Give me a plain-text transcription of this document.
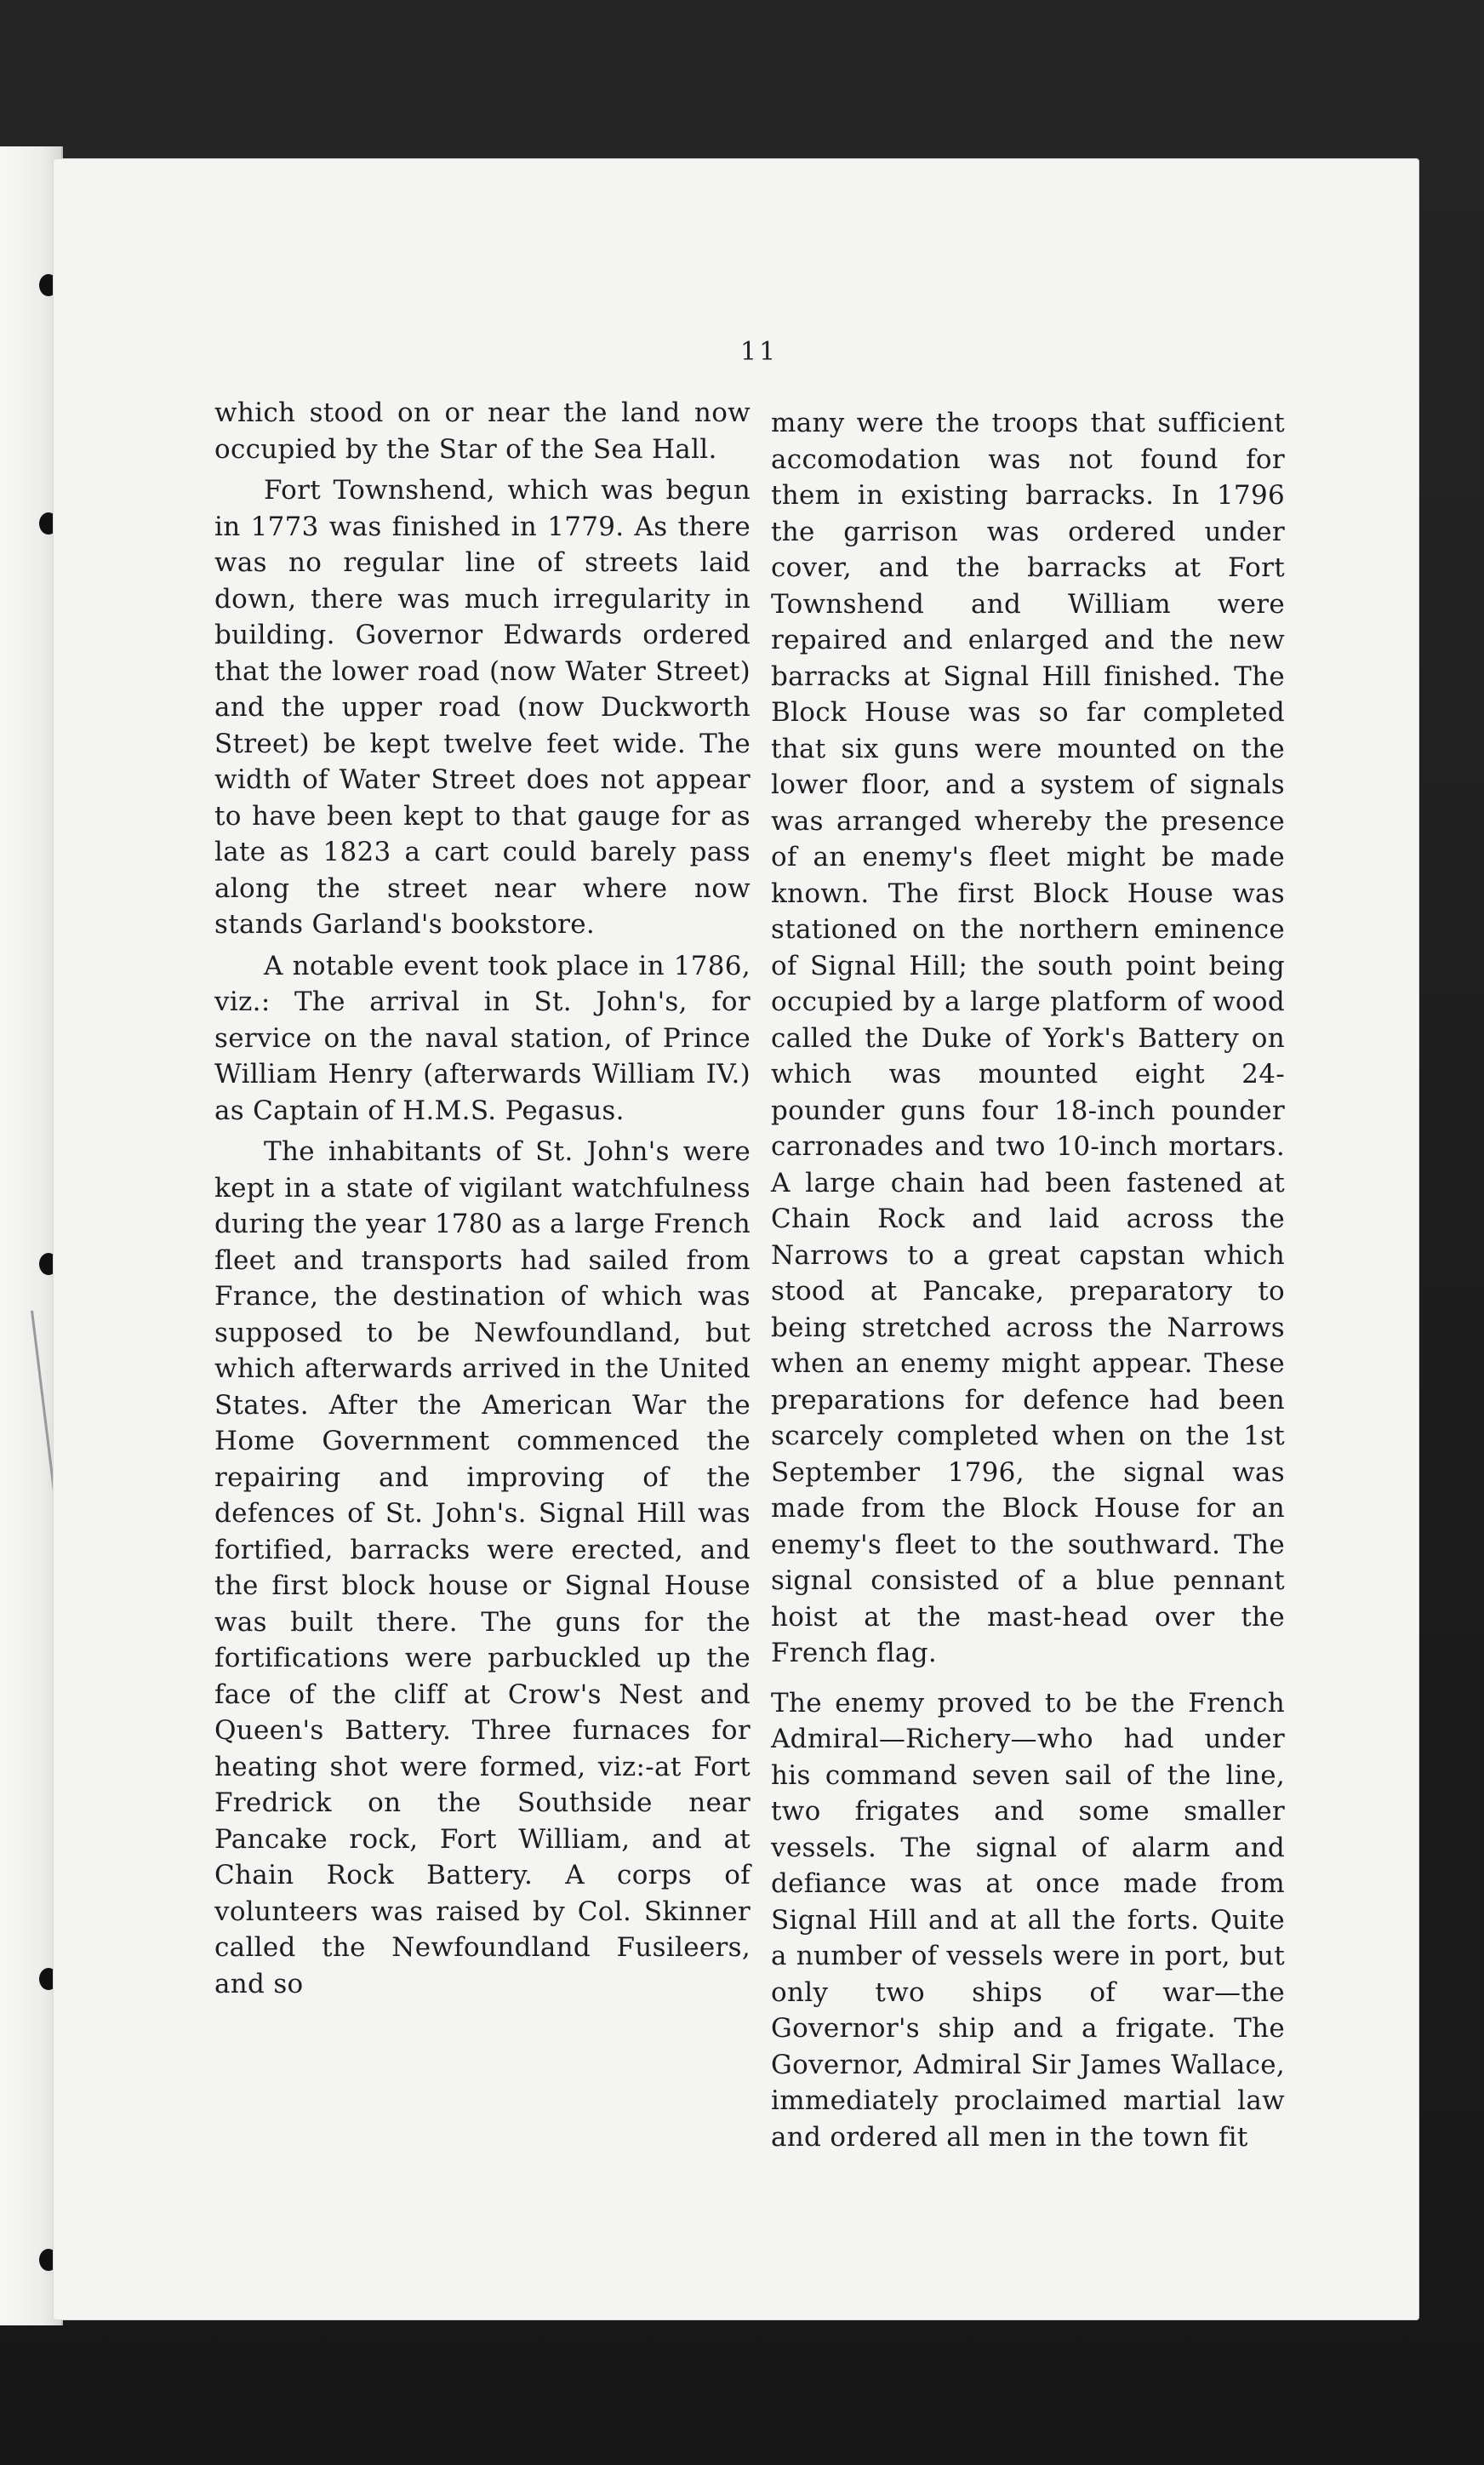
11

which stood on or near the land now occupied by the Star of the Sea Hall.

Fort Townshend, which was begun in 1773 was finished in 1779. As there was no regular line of streets laid down, there was much irregularity in building. Governor Edwards ordered that the lower road (now Water Street) and the upper road (now Duckworth Street) be kept twelve feet wide. The width of Water Street does not appear to have been kept to that gauge for as late as 1823 a cart could barely pass along the street near where now stands Garland's bookstore.

A notable event took place in 1786, viz.: The arrival in St. John's, for service on the naval station, of Prince William Henry (afterwards William IV.) as Captain of H.M.S. Pegasus.

The inhabitants of St. John's were kept in a state of vigilant watchfulness during the year 1780 as a large French fleet and transports had sailed from France, the destination of which was supposed to be Newfoundland, but which afterwards arrived in the United States. After the American War the Home Government commenced the repairing and improving of the defences of St. John's. Signal Hill was fortified, barracks were erected, and the first block house or Signal House was built there. The guns for the fortifications were parbuckled up the face of the cliff at Crow's Nest and Queen's Battery. Three furnaces for heating shot were formed, viz:-at Fort Fredrick on the Southside near Pancake rock, Fort William, and at Chain Rock Battery. A corps of volunteers was raised by Col. Skinner called the Newfoundland Fusileers, and so

many were the troops that sufficient accomodation was not found for them in existing barracks. In 1796 the garrison was ordered under cover, and the barracks at Fort Townshend and William were repaired and enlarged and the new barracks at Signal Hill finished. The Block House was so far completed that six guns were mounted on the lower floor, and a system of signals was arranged whereby the presence of an enemy's fleet might be made known. The first Block House was stationed on the northern eminence of Signal Hill; the south point being occupied by a large platform of wood called the Duke of York's Battery on which was mounted eight 24-pounder guns four 18-inch pounder carronades and two 10-inch mortars. A large chain had been fastened at Chain Rock and laid across the Narrows to a great capstan which stood at Pancake, preparatory to being stretched across the Narrows when an enemy might appear. These preparations for defence had been scarcely completed when on the 1st September 1796, the signal was made from the Block House for an enemy's fleet to the southward. The signal consisted of a blue pennant hoist at the mast-head over the French flag.

The enemy proved to be the French Admiral—Richery—who had under his command seven sail of the line, two frigates and some smaller vessels. The signal of alarm and defiance was at once made from Signal Hill and at all the forts. Quite a number of vessels were in port, but only two ships of war—the Governor's ship and a frigate. The Governor, Admiral Sir James Wallace, immediately proclaimed martial law and ordered all men in the town fit
